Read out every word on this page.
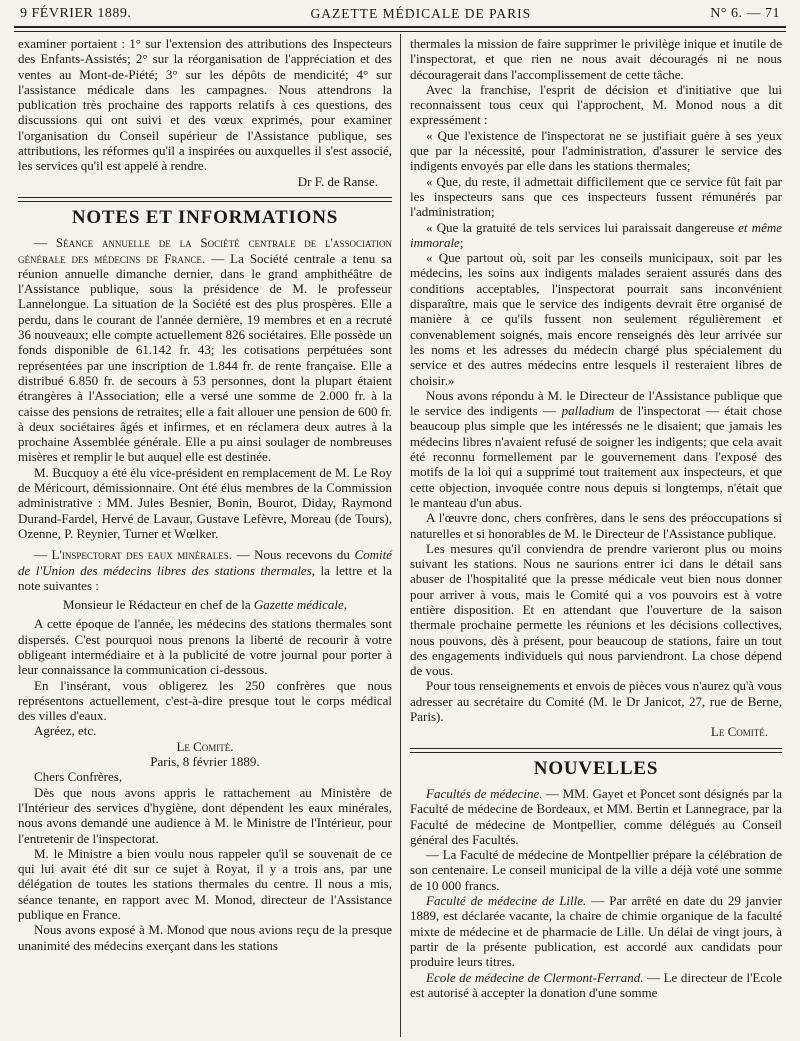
9 FÉVRIER 1889.	GAZETTE MÉDICALE DE PARIS	N° 6. — 71

examiner portaient : 1° sur l'extension des attributions des Inspecteurs des Enfants-Assistés; 2° sur la réorganisation de l'appréciation et des ventes au Mont-de-Piété; 3° sur les dépôts de mendicité; 4° sur l'assistance médicale dans les campagnes. Nous attendrons la publication très prochaine des rapports relatifs à ces questions, des discussions qui ont suivi et des vœux exprimés, pour examiner l'organisation du Conseil supérieur de l'Assistance publique, ses attributions, les réformes qu'il a inspirées ou auxquelles il s'est associé, les services qu'il est appelé à rendre.

Dr F. de Ranse.

NOTES ET INFORMATIONS

— Séance annuelle de la Société centrale de l'association générale des médecins de France. — La Société centrale a tenu sa réunion annuelle dimanche dernier, dans le grand amphithéâtre de l'Assistance publique, sous la présidence de M. le professeur Lannelongue. La situation de la Société est des plus prospères. Elle a perdu, dans le courant de l'année dernière, 19 membres et en a recruté 36 nouveaux; elle compte actuellement 826 sociétaires. Elle possède un fonds disponible de 61.142 fr. 43; les cotisations perpétuées sont représentées par une inscription de 1.844 fr. de rente française. Elle a distribué 6.850 fr. de secours à 53 personnes, dont la plupart étaient étrangères à l'Association; elle a versé une somme de 2.000 fr. à la caisse des pensions de retraites; elle a fait allouer une pension de 600 fr. à deux sociétaires âgés et infirmes, et en réclamera deux autres à la prochaine Assemblée générale. Elle a pu ainsi soulager de nombreuses misères et remplir le but auquel elle est destinée.

M. Bucquoy a été élu vice-président en remplacement de M. Le Roy de Méricourt, démissionnaire. Ont été élus membres de la Commission administrative : MM. Jules Besnier, Bonin, Bourot, Diday, Raymond Durand-Fardel, Hervé de Lavaur, Gustave Lefèvre, Moreau (de Tours), Ozenne, P. Reynier, Turner et Wœlker.

— L'inspectorat des eaux minérales. — Nous recevons du Comité de l'Union des médecins libres des stations thermales, la lettre et la note suivantes :

Monsieur le Rédacteur en chef de la Gazette médicale,

A cette époque de l'année, les médecins des stations thermales sont dispersés. C'est pourquoi nous prenons la liberté de recourir à votre obligeant intermédiaire et à la publicité de votre journal pour porter à leur connaissance la communication ci-dessous.

En l'insérant, vous obligerez les 250 confrères que nous représentons actuellement, c'est-à-dire presque tout le corps médical des villes d'eaux.

Agréez, etc.

Le Comité.

Paris, 8 février 1889.

Chers Confrères,

Dès que nous avons appris le rattachement au Ministère de l'Intérieur des services d'hygiène, dont dépendent les eaux minérales, nous avons demandé une audience à M. le Ministre de l'Intérieur, pour l'entretenir de l'inspectorat.

M. le Ministre a bien voulu nous rappeler qu'il se souvenait de ce qui lui avait été dit sur ce sujet à Royat, il y a trois ans, par une délégation de toutes les stations thermales du centre. Il nous a mis, séance tenante, en rapport avec M. Monod, directeur de l'Assistance publique en France.

Nous avons exposé à M. Monod que nous avions reçu de la presque unanimité des médecins exerçant dans les stations

thermales la mission de faire supprimer le privilège inique et inutile de l'inspectorat, et que rien ne nous avait découragés ni ne nous découragerait dans l'accomplissement de cette tâche.

Avec la franchise, l'esprit de décision et d'initiative que lui reconnaissent tous ceux qui l'approchent, M. Monod nous a dit expressément :

« Que l'existence de l'inspectorat ne se justifiait guère à ses yeux que par la nécessité, pour l'administration, d'assurer le service des indigents envoyés par elle dans les stations thermales;

« Que, du reste, il admettait difficilement que ce service fût fait par les inspecteurs sans que ces inspecteurs fussent rémunérés par l'administration;

« Que la gratuité de tels services lui paraissait dangereuse et même immorale;

« Que partout où, soit par les conseils municipaux, soit par les médecins, les soins aux indigents malades seraient assurés dans des conditions acceptables, l'inspectorat pourrait sans inconvénient disparaître, mais que le service des indigents devrait être organisé de manière à ce qu'ils fussent non seulement régulièrement et convenablement soignés, mais encore renseignés dès leur arrivée sur les noms et les adresses du médecin chargé plus spécialement du service et des autres médecins entre lesquels il resteraient libres de choisir.»

Nous avons répondu à M. le Directeur de l'Assistance publique que le service des indigents — palladium de l'inspectorat — était chose beaucoup plus simple que les intéressés ne le disaient; que jamais les médecins libres n'avaient refusé de soigner les indigents; que cela avait été reconnu formellement par le gouvernement dans l'exposé des motifs de la loi qui a supprimé tout traitement aux inspecteurs, et que cette objection, invoquée contre nous depuis si longtemps, n'était que le manteau d'un abus.

A l'œuvre donc, chers confrères, dans le sens des préoccupations si naturelles et si honorables de M. le Directeur de l'Assistance publique.

Les mesures qu'il conviendra de prendre varieront plus ou moins suivant les stations. Nous ne saurions entrer ici dans le détail sans abuser de l'hospitalité que la presse médicale veut bien nous donner pour arriver à vous, mais le Comité qui a vos pouvoirs est à votre entière disposition. Et en attendant que l'ouverture de la saison thermale prochaine permette les réunions et les décisions collectives, nous pouvons, dès à présent, pour beaucoup de stations, faire un tout des engagements individuels qui nous parviendront. La chose dépend de vous.

Pour tous renseignements et envois de pièces vous n'aurez qu'à vous adresser au secrétaire du Comité (M. le Dr Janicot, 27, rue de Berne, Paris).

Le Comité.

NOUVELLES

Facultés de médecine. — MM. Gayet et Poncet sont désignés par la Faculté de médecine de Bordeaux, et MM. Bertin et Lannegrace, par la Faculté de médecine de Montpellier, comme délégués au Conseil général des Facultés.

— La Faculté de médecine de Montpellier prépare la célébration de son centenaire. Le conseil municipal de la ville a déjà voté une somme de 10 000 francs.

Faculté de médecine de Lille. — Par arrêté en date du 29 janvier 1889, est déclarée vacante, la chaire de chimie organique de la faculté mixte de médecine et de pharmacie de Lille. Un délai de vingt jours, à partir de la présente publication, est accordé aux candidats pour produire leurs titres.

Ecole de médecine de Clermont-Ferrand. — Le directeur de l'Ecole est autorisé à accepter la donation d'une somme
